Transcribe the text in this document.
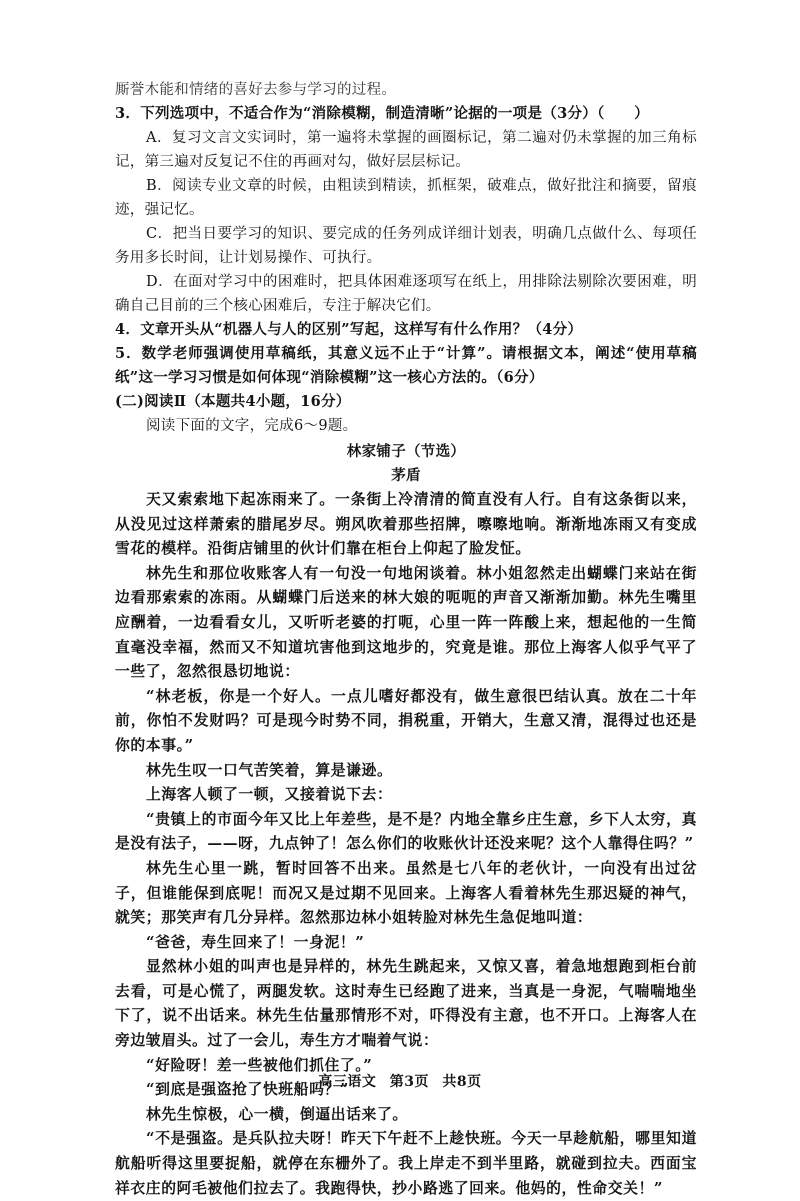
厮誉木能和情绪的喜好去参与学习的过程。

3．下列选项中，不适合作为“消除模糊，制造清晰”论据的一项是（3分）（　　）

A．复习文言文实词时，第一遍将未掌握的画圈标记，第二遍对仍未掌握的加三角标记，第三遍对反复记不住的再画对勾，做好层层标记。

B．阅读专业文章的时候，由粗读到精读，抓框架，破难点，做好批注和摘要，留痕迹，强记忆。

C．把当日要学习的知识、要完成的任务列成详细计划表，明确几点做什么、每项任务用多长时间，让计划易操作、可执行。

D．在面对学习中的困难时，把具体困难逐项写在纸上，用排除法剔除次要困难，明确自己目前的三个核心困难后，专注于解决它们。

4．文章开头从“机器人与人的区别”写起，这样写有什么作用？（4分）

5．数学老师强调使用草稿纸，其意义远不止于“计算”。请根据文本，阐述“使用草稿纸”这一学习习惯是如何体现“消除模糊”这一核心方法的。（6分）

(二)阅读Ⅱ（本题共4小题，16分）

阅读下面的文字，完成6～9题。

林家铺子（节选）

茅盾

天又索索地下起冻雨来了。一条街上冷清清的简直没有人行。自有这条街以来，从没见过这样萧索的腊尾岁尽。朔风吹着那些招牌，嚓嚓地响。渐渐地冻雨又有变成雪花的模样。沿街店铺里的伙计们靠在柜台上仰起了脸发怔。

林先生和那位收账客人有一句没一句地闲谈着。林小姐忽然走出蝴蝶门来站在街边看那索索的冻雨。从蝴蝶门后送来的林大娘的呃呃的声音又渐渐加勤。林先生嘴里应酬着，一边看看女儿，又听听老婆的打呃，心里一阵一阵酸上来，想起他的一生简直毫没幸福，然而又不知道坑害他到这地步的，究竟是谁。那位上海客人似乎气平了一些了，忽然很恳切地说：

“林老板，你是一个好人。一点儿嗜好都没有，做生意很巴结认真。放在二十年前，你怕不发财吗？可是现今时势不同，捐税重，开销大，生意又清，混得过也还是你的本事。”

林先生叹一口气苦笑着，算是谦逊。

上海客人顿了一顿，又接着说下去：

“贵镇上的市面今年又比上年差些，是不是？内地全靠乡庄生意，乡下人太穷，真是没有法子，——呀，九点钟了！怎么你们的收账伙计还没来呢？这个人靠得住吗？”

林先生心里一跳，暂时回答不出来。虽然是七八年的老伙计，一向没有出过岔子，但谁能保到底呢！而况又是过期不见回来。上海客人看着林先生那迟疑的神气，就笑；那笑声有几分异样。忽然那边林小姐转脸对林先生急促地叫道：

“爸爸，寿生回来了！一身泥！”

显然林小姐的叫声也是异样的，林先生跳起来，又惊又喜，着急地想跑到柜台前去看，可是心慌了，两腿发软。这时寿生已经跑了进来，当真是一身泥，气喘喘地坐下了，说不出话来。林先生估量那情形不对，吓得没有主意，也不开口。上海客人在旁边皱眉头。过了一会儿，寿生方才喘着气说：

“好险呀！差一些被他们抓住了。”

“到底是强盗抢了快班船吗？”

林先生惊极，心一横，倒逼出话来了。

“不是强盗。是兵队拉夫呀！昨天下午赶不上趁快班。今天一早趁航船，哪里知道航船听得这里要捉船，就停在东栅外了。我上岸走不到半里路，就碰到拉夫。西面宝祥衣庄的阿毛被他们拉去了。我跑得快，抄小路逃了回来。他妈的，性命交关！”

高三语文 第3页 共8页
